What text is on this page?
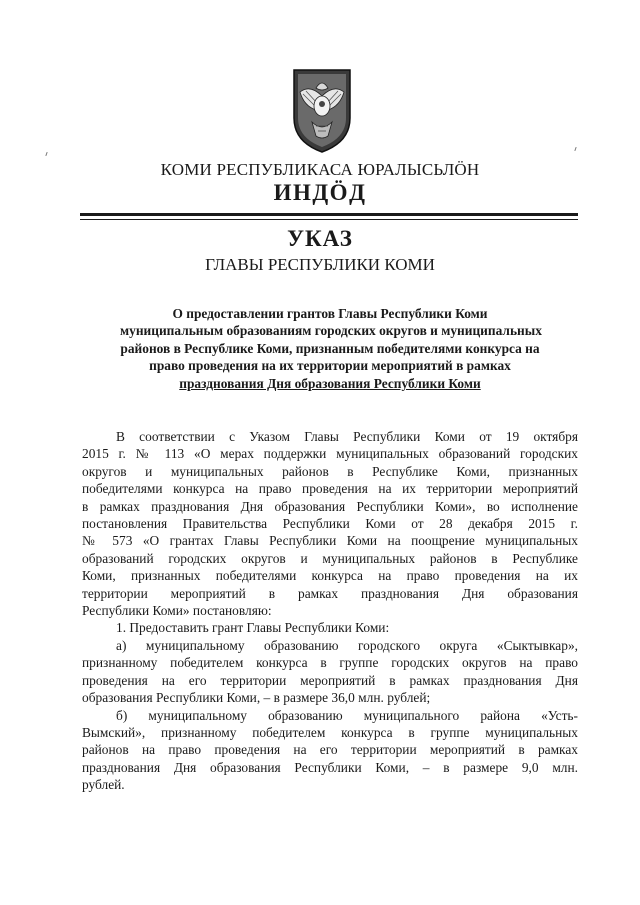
КОМИ РЕСПУБЛИКАСА ЮРАЛЫСЬЛӦН
ИНДӦД
УКАЗ
ГЛАВЫ РЕСПУБЛИКИ КОМИ
О предоставлении грантов Главы Республики Коми
муниципальным образованиям городских округов и муниципальных
районов в Республике Коми, признанным победителями конкурса на
право проведения на их территории мероприятий в рамках
празднования Дня образования Республики Коми
В соответствии с Указом Главы Республики Коми от 19 октября
2015 г. № 113 «О мерах поддержки муниципальных образований городских
округов и муниципальных районов в Республике Коми, признанных
победителями конкурса на право проведения на их территории мероприятий
в рамках празднования Дня образования Республики Коми», во исполнение
постановления Правительства Республики Коми от 28 декабря 2015 г.
№ 573 «О грантах Главы Республики Коми на поощрение муниципальных
образований городских округов и муниципальных районов в Республике
Коми, признанных победителями конкурса на право проведения на их
территории мероприятий в рамках празднования Дня образования
Республики Коми» постановляю:
1. Предоставить грант Главы Республики Коми:
а) муниципальному образованию городского округа «Сыктывкар»,
признанному победителем конкурса в группе городских округов на право
проведения на его территории мероприятий в рамках празднования Дня
образования Республики Коми, – в размере 36,0 млн. рублей;
б) муниципальному образованию муниципального района «Усть-
Вымский», признанному победителем конкурса в группе муниципальных
районов на право проведения на его территории мероприятий в рамках
празднования Дня образования Республики Коми, – в размере 9,0 млн.
рублей.
